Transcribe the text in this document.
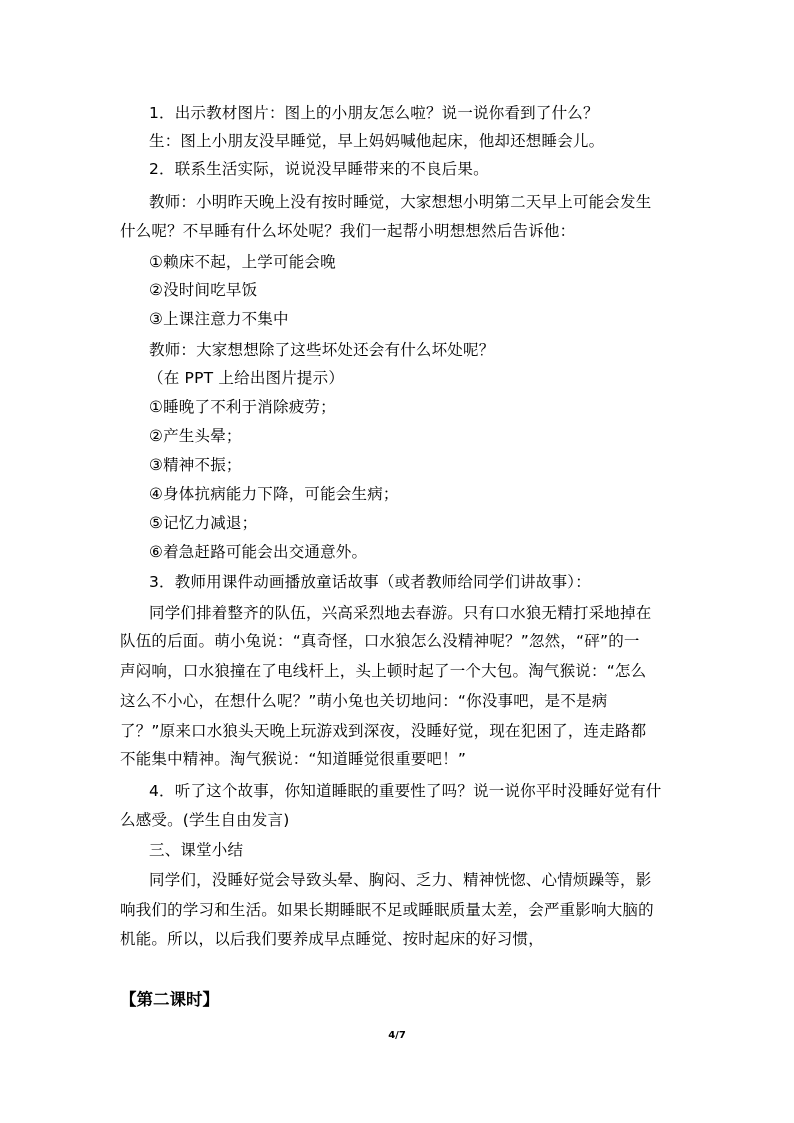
1．出示教材图片：图上的小朋友怎么啦？说一说你看到了什么？
生：图上小朋友没早睡觉，早上妈妈喊他起床，他却还想睡会儿。
2．联系生活实际，说说没早睡带来的不良后果。
教师：小明昨天晚上没有按时睡觉，大家想想小明第二天早上可能会发生
什么呢？不早睡有什么坏处呢？我们一起帮小明想想然后告诉他：
①赖床不起，上学可能会晚
②没时间吃早饭
③上课注意力不集中
教师：大家想想除了这些坏处还会有什么坏处呢？
（在 PPT 上给出图片提示）
①睡晚了不利于消除疲劳；
②产生头晕；
③精神不振；
④身体抗病能力下降，可能会生病；
⑤记忆力减退；
⑥着急赶路可能会出交通意外。
3．教师用课件动画播放童话故事（或者教师给同学们讲故事）：
同学们排着整齐的队伍，兴高采烈地去春游。只有口水狼无精打采地掉在
队伍的后面。萌小兔说：“真奇怪，口水狼怎么没精神呢？”忽然，“砰”的一
声闷响，口水狼撞在了电线杆上，头上顿时起了一个大包。淘气猴说：“怎么
这么不小心，在想什么呢？”萌小兔也关切地问：“你没事吧，是不是病
了？”原来口水狼头天晚上玩游戏到深夜，没睡好觉，现在犯困了，连走路都
不能集中精神。淘气猴说：“知道睡觉很重要吧！”
4．听了这个故事，你知道睡眠的重要性了吗？说一说你平时没睡好觉有什
么感受。(学生自由发言)
三、课堂小结
同学们，没睡好觉会导致头晕、胸闷、乏力、精神恍惚、心情烦躁等，影
响我们的学习和生活。如果长期睡眠不足或睡眠质量太差，会严重影响大脑的
机能。所以，以后我们要养成早点睡觉、按时起床的好习惯，
【第二课时】
4/7
